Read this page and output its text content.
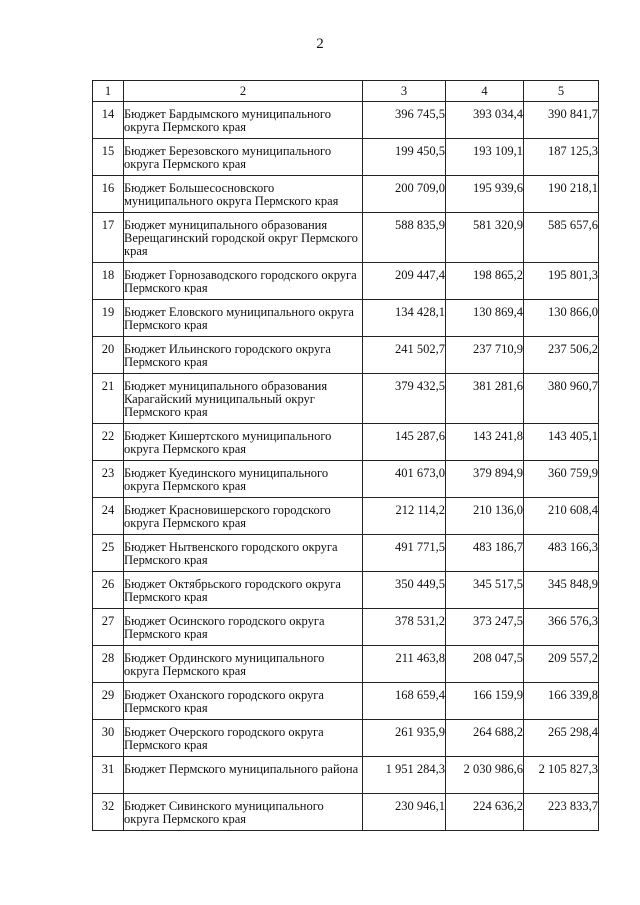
2
1	2	3	4	5
14	Бюджет Бардымского муниципального округа Пермского края	396 745,5	393 034,4	390 841,7
15	Бюджет Березовского муниципального округа Пермского края	199 450,5	193 109,1	187 125,3
16	Бюджет Большесосновского муниципального округа Пермского края	200 709,0	195 939,6	190 218,1
17	Бюджет муниципального образования Верещагинский городской округ Пермского края	588 835,9	581 320,9	585 657,6
18	Бюджет Горнозаводского городского округа Пермского края	209 447,4	198 865,2	195 801,3
19	Бюджет Еловского муниципального округа Пермского края	134 428,1	130 869,4	130 866,0
20	Бюджет Ильинского городского округа Пермского края	241 502,7	237 710,9	237 506,2
21	Бюджет муниципального образования Карагайский муниципальный округ Пермского края	379 432,5	381 281,6	380 960,7
22	Бюджет Кишертского муниципального округа Пермского края	145 287,6	143 241,8	143 405,1
23	Бюджет Куединского муниципального округа Пермского края	401 673,0	379 894,9	360 759,9
24	Бюджет Красновишерского городского округа Пермского края	212 114,2	210 136,0	210 608,4
25	Бюджет Нытвенского городского округа Пермского края	491 771,5	483 186,7	483 166,3
26	Бюджет Октябрьского городского округа Пермского края	350 449,5	345 517,5	345 848,9
27	Бюджет Осинского городского округа Пермского края	378 531,2	373 247,5	366 576,3
28	Бюджет Ординского муниципального округа Пермского края	211 463,8	208 047,5	209 557,2
29	Бюджет Оханского городского округа Пермского края	168 659,4	166 159,9	166 339,8
30	Бюджет Очерского городского округа Пермского края	261 935,9	264 688,2	265 298,4
31	Бюджет Пермского муниципального района	1 951 284,3	2 030 986,6	2 105 827,3
32	Бюджет Сивинского муниципального округа Пермского края	230 946,1	224 636,2	223 833,7
